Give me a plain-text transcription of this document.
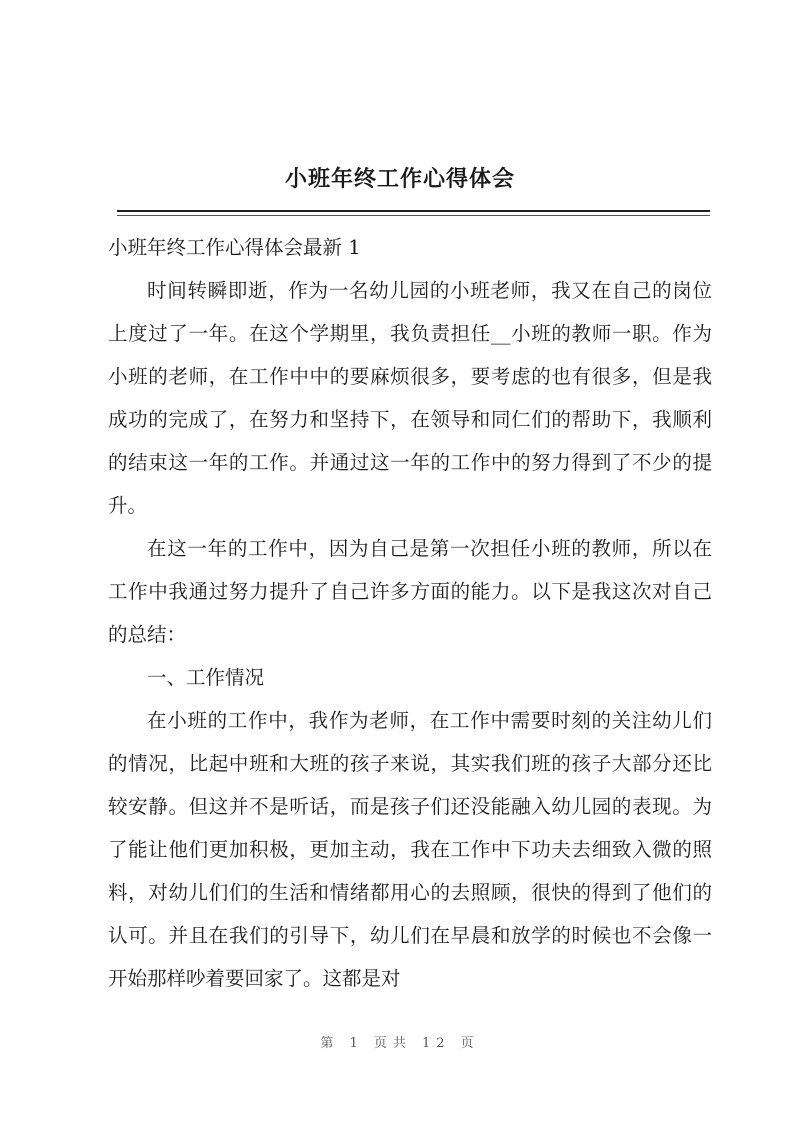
小班年终工作心得体会

小班年终工作心得体会最新 1

时间转瞬即逝，作为一名幼儿园的小班老师，我又在自己的岗位上度过了一年。在这个学期里，我负责担任__小班的教师一职。作为小班的老师，在工作中中的要麻烦很多，要考虑的也有很多，但是我成功的完成了，在努力和坚持下，在领导和同仁们的帮助下，我顺利的结束这一年的工作。并通过这一年的工作中的努力得到了不少的提升。

在这一年的工作中，因为自己是第一次担任小班的教师，所以在工作中我通过努力提升了自己许多方面的能力。以下是我这次对自己的总结：

一、工作情况

在小班的工作中，我作为老师，在工作中需要时刻的关注幼儿们的情况，比起中班和大班的孩子来说，其实我们班的孩子大部分还比较安静。但这并不是听话，而是孩子们还没能融入幼儿园的表现。为了能让他们更加积极，更加主动，我在工作中下功夫去细致入微的照料，对幼儿们们的生活和情绪都用心的去照顾，很快的得到了他们的认可。并且在我们的引导下，幼儿们在早晨和放学的时候也不会像一开始那样吵着要回家了。这都是对

第 1 页共 12 页
